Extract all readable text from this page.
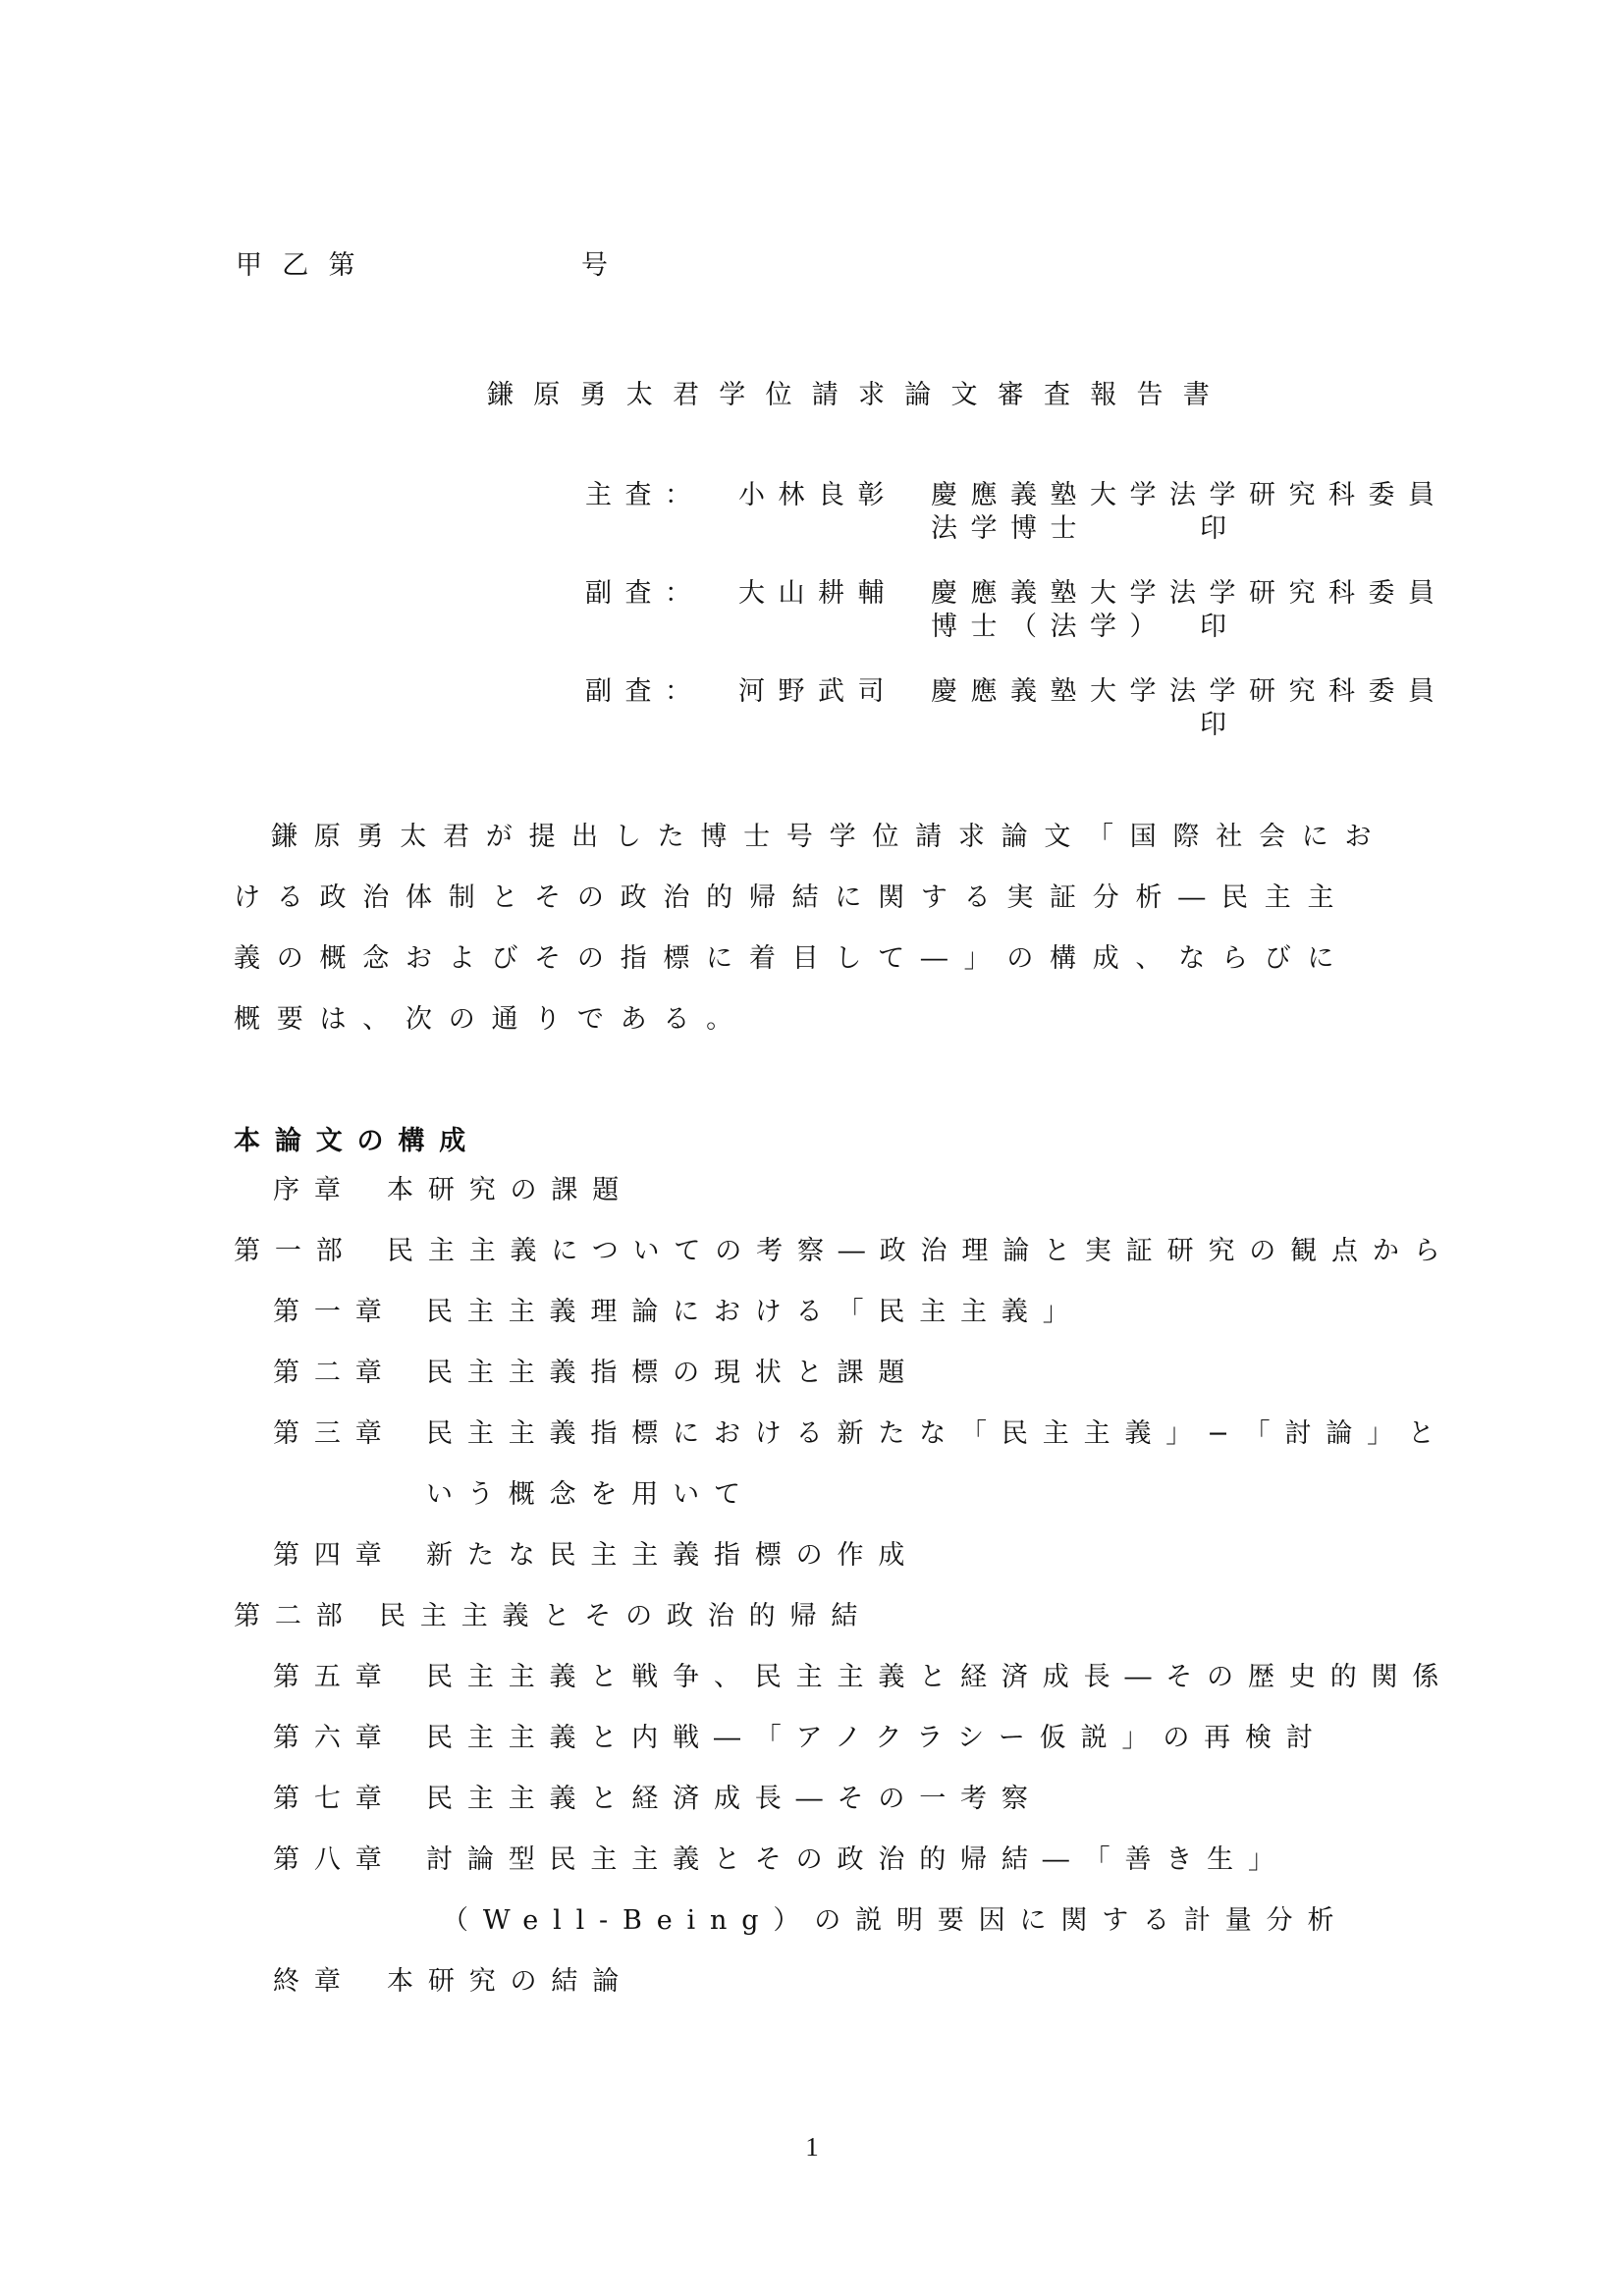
甲乙第	号
鎌原勇太君学位請求論文審査報告書
主査： 小林良彰 慶應義塾大学法学研究科委員
法学博士	印
副査： 大山耕輔 慶應義塾大学法学研究科委員
博士（法学） 印
副査： 河野武司 慶應義塾大学法学研究科委員
印
鎌原勇太君が提出した博士号学位請求論文「国際社会における政治体制とその政治的帰結に関する実証分析―民主主義の概念およびその指標に着目して―」の構成、ならびに概要は、次の通りである。
本論文の構成
序章 本研究の課題
第一部 民主主義についての考察―政治理論と実証研究の観点から
第一章 民主主義理論における「民主主義」
第二章 民主主義指標の現状と課題
第三章 民主主義指標における新たな「民主主義」−「討論」と
いう概念を用いて
第四章 新たな民主主義指標の作成
第二部 民主主義とその政治的帰結
第五章 民主主義と戦争、民主主義と経済成長―その歴史的関係
第六章 民主主義と内戦―「アノクラシー仮説」の再検討
第七章 民主主義と経済成長―その一考察
第八章 討論型民主主義とその政治的帰結―「善き生」
（Well-Being）の説明要因に関する計量分析
終章 本研究の結論
1
